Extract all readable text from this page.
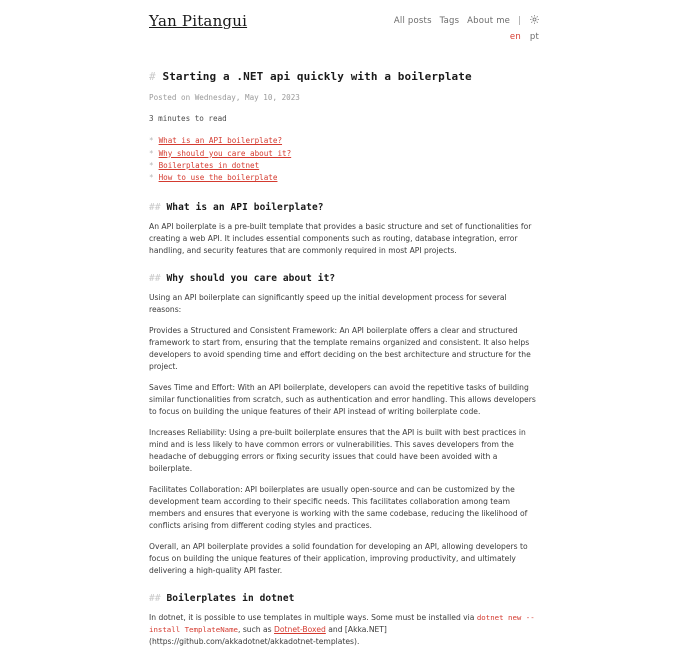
Yan Pitangui	All posts Tags About me |
en pt
# Starting a .NET api quickly with a boilerplate

Posted on Wednesday, May 10, 2023

3 minutes to read

* What is an API boilerplate?
* Why should you care about it?
* Boilerplates in dotnet
* How to use the boilerplate
## What is an API boilerplate?

An API boilerplate is a pre-built template that provides a basic structure and set of functionalities for creating a web API. It includes essential components such as routing, database integration, error handling, and security features that are commonly required in most API projects.

## Why should you care about it?

Using an API boilerplate can significantly speed up the initial development process for several reasons:

Provides a Structured and Consistent Framework: An API boilerplate offers a clear and structured framework to start from, ensuring that the template remains organized and consistent. It also helps developers to avoid spending time and effort deciding on the best architecture and structure for the project.

Saves Time and Effort: With an API boilerplate, developers can avoid the repetitive tasks of building similar functionalities from scratch, such as authentication and error handling. This allows developers to focus on building the unique features of their API instead of writing boilerplate code.

Increases Reliability: Using a pre-built boilerplate ensures that the API is built with best practices in mind and is less likely to have common errors or vulnerabilities. This saves developers from the headache of debugging errors or fixing security issues that could have been avoided with a boilerplate.

Facilitates Collaboration: API boilerplates are usually open-source and can be customized by the development team according to their specific needs. This facilitates collaboration among team members and ensures that everyone is working with the same codebase, reducing the likelihood of conflicts arising from different coding styles and practices.

Overall, an API boilerplate provides a solid foundation for developing an API, allowing developers to focus on building the unique features of their application, improving productivity, and ultimately delivering a high-quality API faster.

## Boilerplates in dotnet

In dotnet, it is possible to use templates in multiple ways. Some must be installed via dotnet new --install TemplateName, such as Dotnet-Boxed and [Akka.NET](https://github.com/akkadotnet/akkadotnet-templates).
